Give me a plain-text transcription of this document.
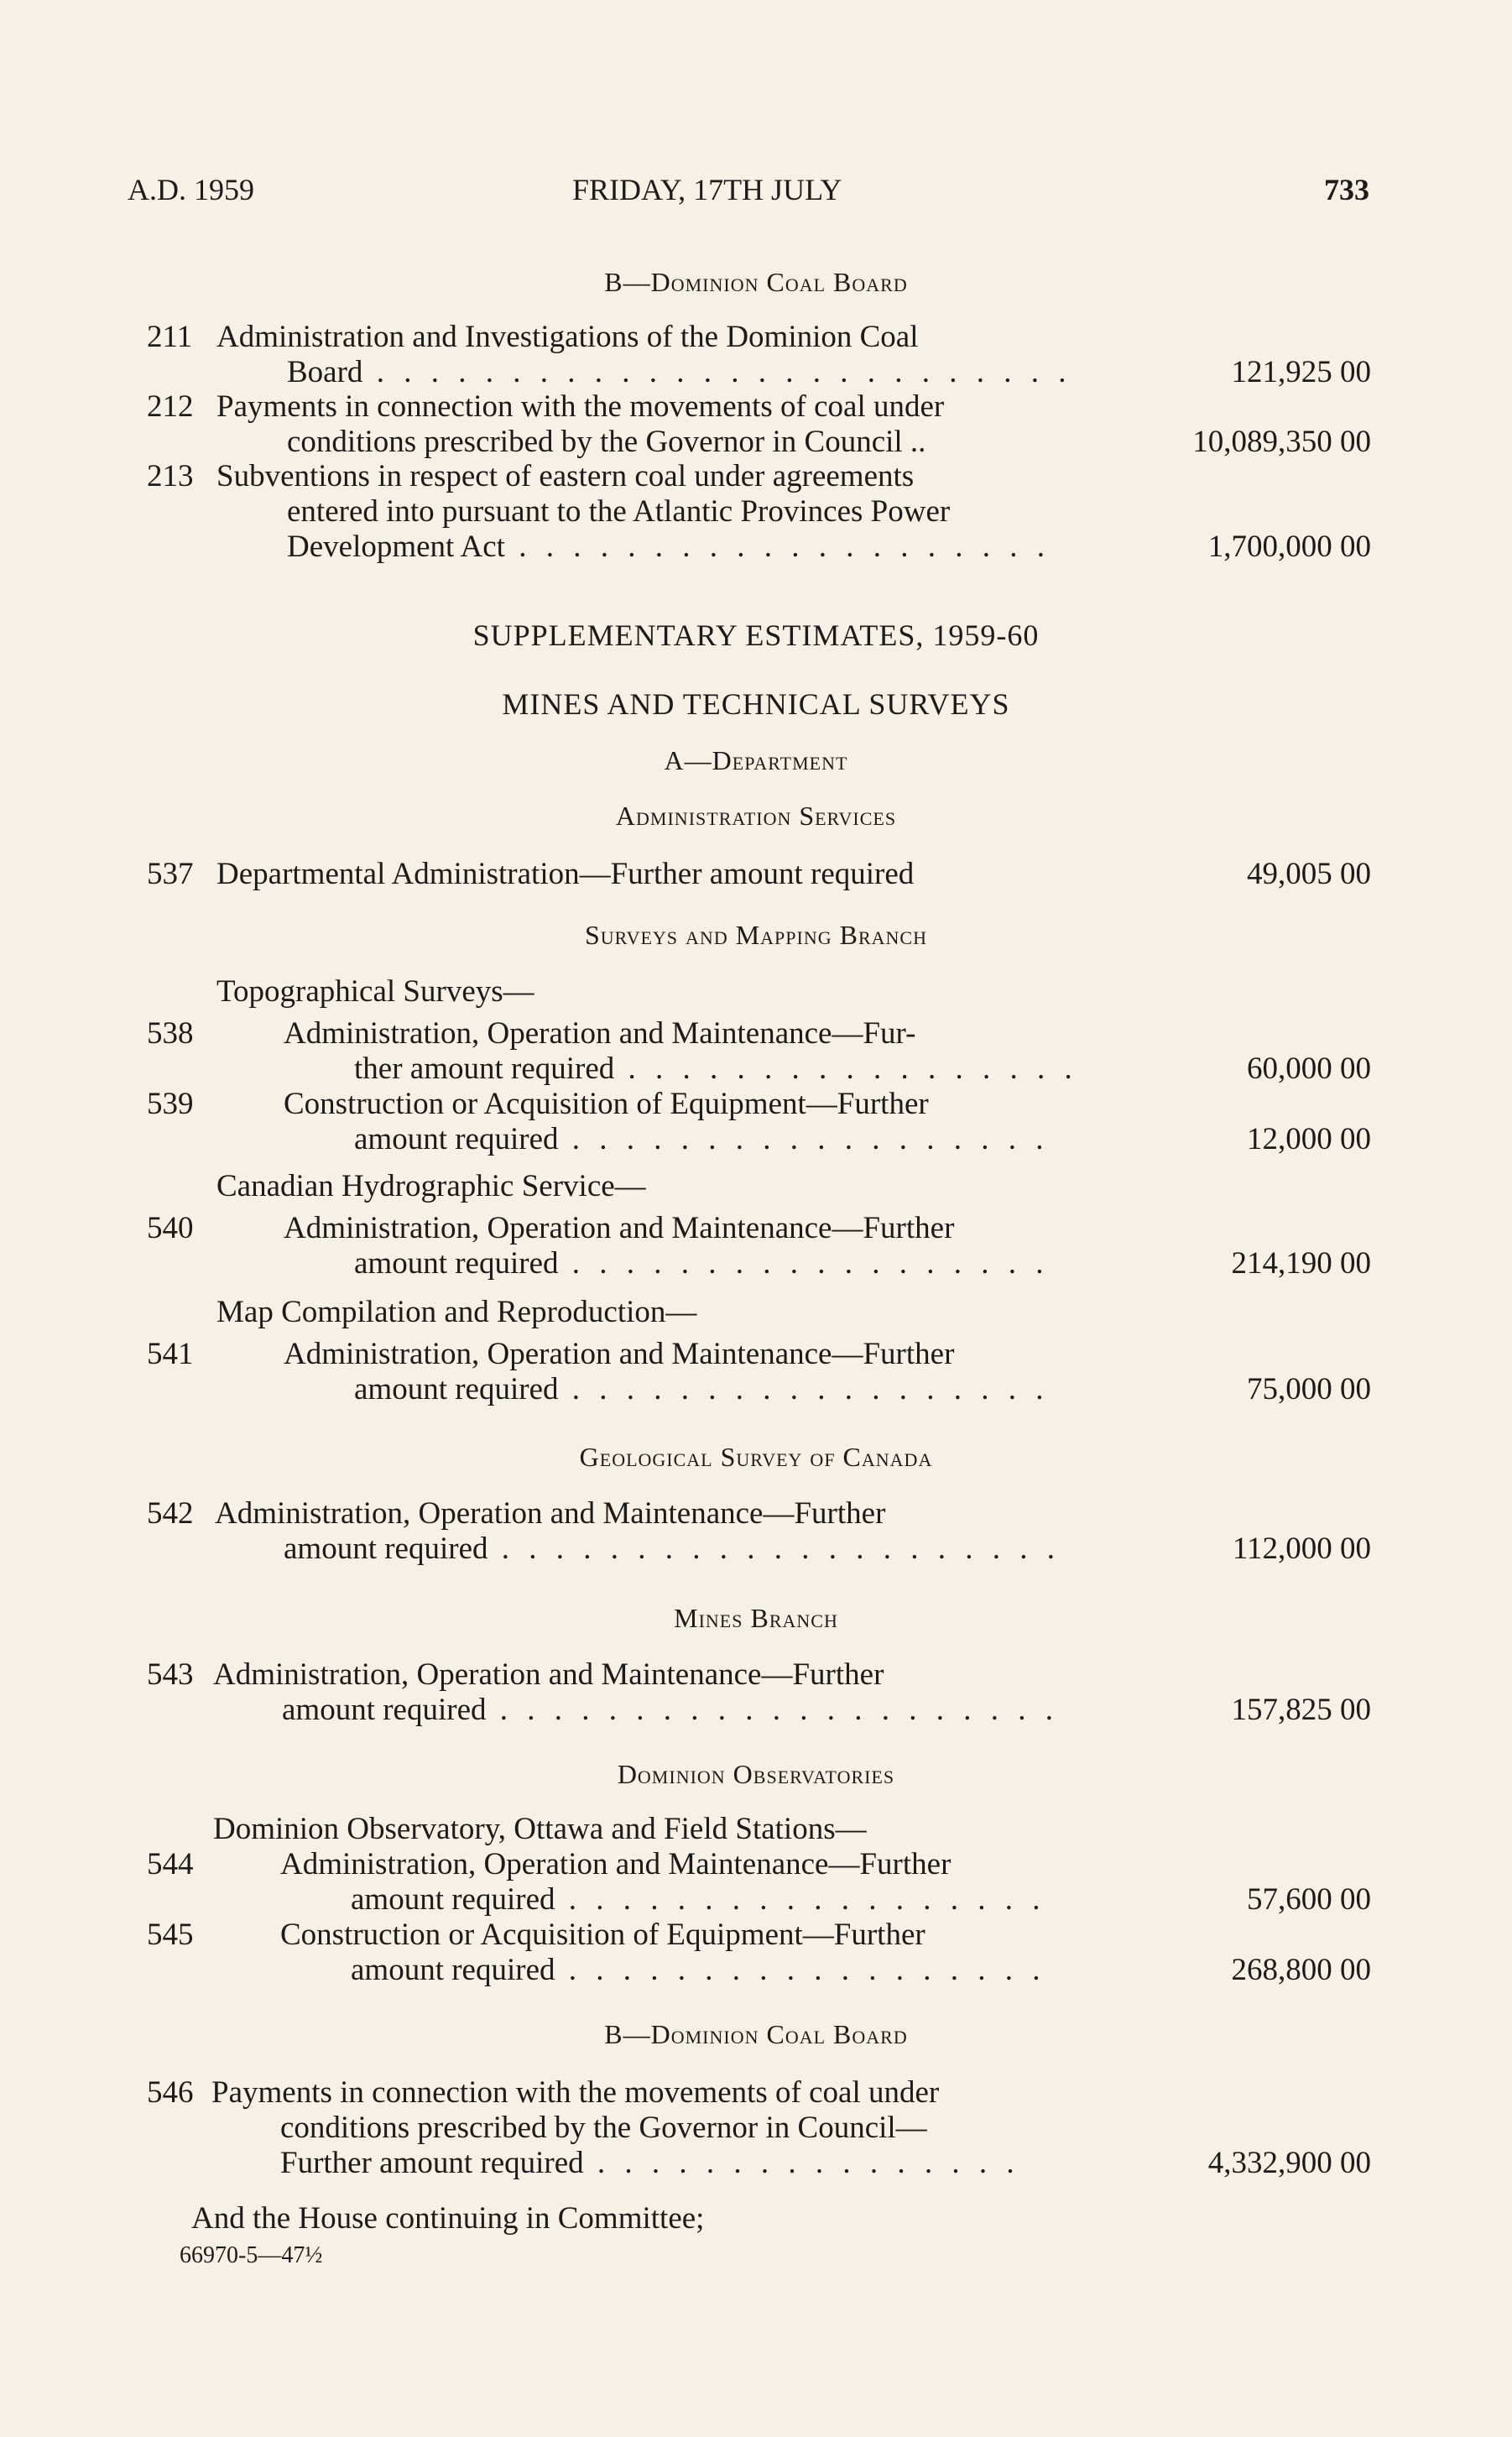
A.D. 1959	FRIDAY, 17TH JULY	733
B—Dominion Coal Board
211 Administration and Investigations of the Dominion Coal
Board . . . . . . . . . . . . . . . . . . . . . . . . . .	121,925 00
212 Payments in connection with the movements of coal under
conditions prescribed by the Governor in Council ..	10,089,350 00
213 Subventions in respect of eastern coal under agreements
entered into pursuant to the Atlantic Provinces Power
Development Act . . . . . . . . . . . . . . . . . . . .	1,700,000 00
SUPPLEMENTARY ESTIMATES, 1959-60
MINES AND TECHNICAL SURVEYS
A—Department
Administration Services
537 Departmental Administration—Further amount required	49,005 00
Surveys and Mapping Branch
Topographical Surveys—
538	Administration, Operation and Maintenance—Fur-
ther amount required . . . . . . . . . . . . . . . . .	60,000 00
539	Construction or Acquisition of Equipment—Further
amount required . . . . . . . . . . . . . . . . . .	12,000 00
Canadian Hydrographic Service—
540	Administration, Operation and Maintenance—Further
amount required . . . . . . . . . . . . . . . . . .	214,190 00
Map Compilation and Reproduction—
541	Administration, Operation and Maintenance—Further
amount required . . . . . . . . . . . . . . . . . .	75,000 00
Geological Survey of Canada
542 Administration, Operation and Maintenance—Further
amount required . . . . . . . . . . . . . . . . . . . . .	112,000 00
Mines Branch
543 Administration, Operation and Maintenance—Further
amount required . . . . . . . . . . . . . . . . . . . . .	157,825 00
Dominion Observatories
Dominion Observatory, Ottawa and Field Stations—
544	Administration, Operation and Maintenance—Further
amount required . . . . . . . . . . . . . . . . . .	57,600 00
545	Construction or Acquisition of Equipment—Further
amount required . . . . . . . . . . . . . . . . . .	268,800 00
B—Dominion Coal Board
546 Payments in connection with the movements of coal under
conditions prescribed by the Governor in Council—
Further amount required . . . . . . . . . . . . . . . .	4,332,900 00
And the House continuing in Committee;
66970-5—47½
